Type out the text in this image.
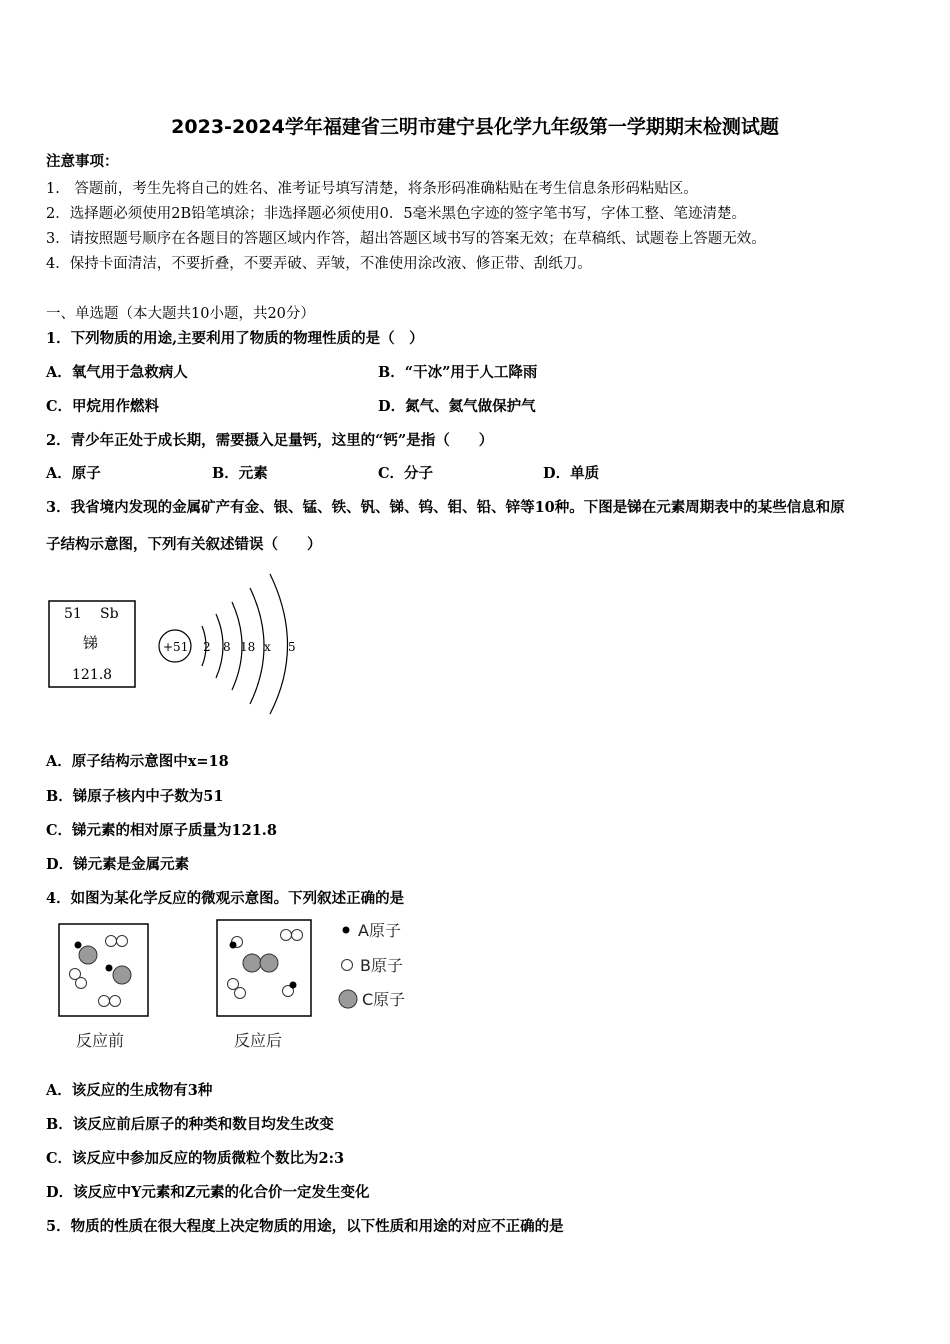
2023-2024学年福建省三明市建宁县化学九年级第一学期期末检测试题
注意事项：
1.　答题前，考生先将自己的姓名、准考证号填写清楚，将条形码准确粘贴在考生信息条形码粘贴区。
2．选择题必须使用2B铅笔填涂；非选择题必须使用0．5毫米黑色字迹的签字笔书写，字体工整、笔迹清楚。
3．请按照题号顺序在各题目的答题区域内作答，超出答题区域书写的答案无效；在草稿纸、试题卷上答题无效。
4．保持卡面清洁，不要折叠，不要弄破、弄皱，不准使用涂改液、修正带、刮纸刀。
一、单选题（本大题共10小题，共20分）
1．下列物质的用途,主要利用了物质的物理性质的是（　）
A．氧气用于急救病人	B．“干冰”用于人工降雨
C．甲烷用作燃料	D．氮气、氦气做保护气
2．青少年正处于成长期，需要摄入足量钙，这里的“钙”是指（　　）
A．原子	B．元素	C．分子	D．单质
3．我省境内发现的金属矿产有金、银、锰、铁、钒、锑、钨、钼、铅、锌等10种。下图是锑在元素周期表中的某些信息和原
子结构示意图，下列有关叙述错误（　　）
51 Sb
锑
121.8
+51 2 8 18 x 5
A．原子结构示意图中x=18
B．锑原子核内中子数为51
C．锑元素的相对原子质量为121.8
D．锑元素是金属元素
4．如图为某化学反应的微观示意图。下列叙述正确的是
A原子
B原子
C原子
反应前	反应后
A．该反应的生成物有3种
B．该反应前后原子的种类和数目均发生改变
C．该反应中参加反应的物质微粒个数比为2:3
D．该反应中Y元素和Z元素的化合价一定发生变化
5．物质的性质在很大程度上决定物质的用途，以下性质和用途的对应不正确的是
